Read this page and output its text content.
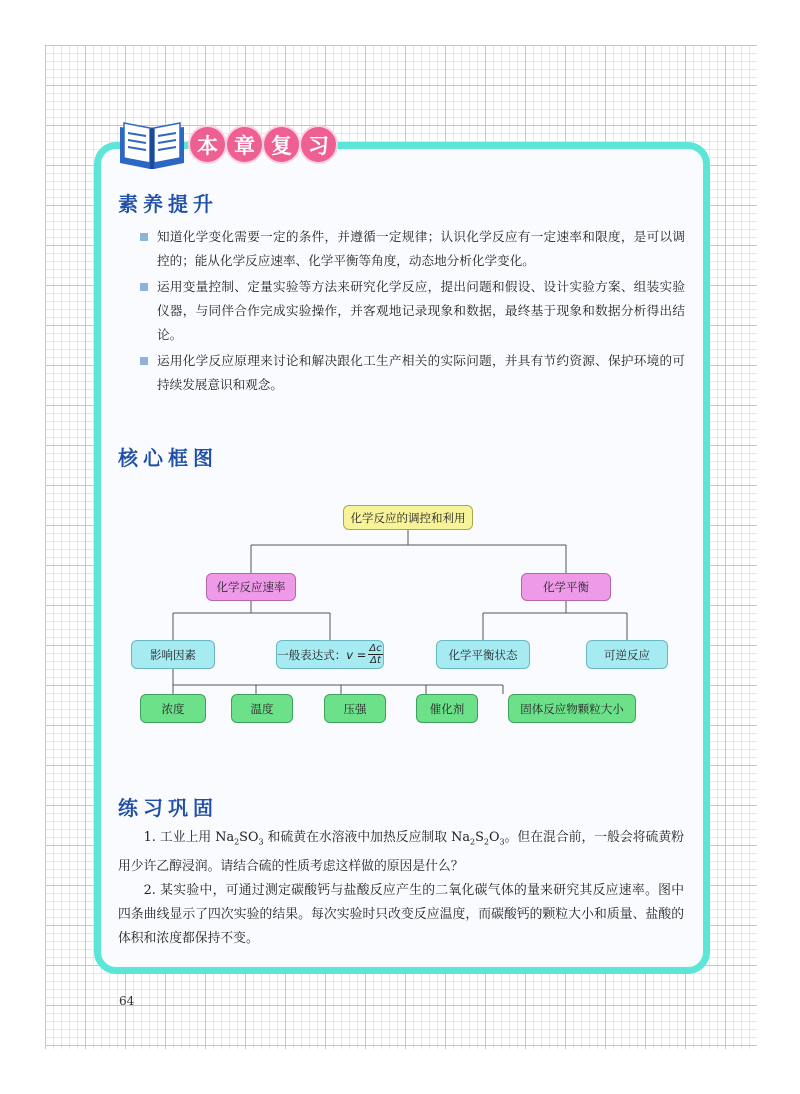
本 章 复 习
素养提升
知道化学变化需要一定的条件，并遵循一定规律；认识化学反应有一定速率和限度，是可以调控的；能从化学反应速率、化学平衡等角度，动态地分析化学变化。
运用变量控制、定量实验等方法来研究化学反应，提出问题和假设、设计实验方案、组装实验仪器，与同伴合作完成实验操作，并客观地记录现象和数据，最终基于现象和数据分析得出结论。
运用化学反应原理来讨论和解决跟化工生产相关的实际问题，并具有节约资源、保护环境的可持续发展意识和观念。
核心框图
化学反应的调控和利用
化学反应速率	化学平衡
影响因素	一般表达式： $v = \frac{\Delta c}{\Delta t}$	化学平衡状态	可逆反应
浓度	温度	压强	催化剂	固体反应物颗粒大小
练习巩固
1. 工业上用 $Na_2SO_3$ 和硫黄在水溶液中加热反应制取 $Na_2S_2O_3$。但在混合前，一般会将硫黄粉用少许乙醇浸润。请结合硫的性质考虑这样做的原因是什么？
2. 某实验中，可通过测定碳酸钙与盐酸反应产生的二氧化碳气体的量来研究其反应速率。图中四条曲线显示了四次实验的结果。每次实验时只改变反应温度，而碳酸钙的颗粒大小和质量、盐酸的体积和浓度都保持不变。
64
